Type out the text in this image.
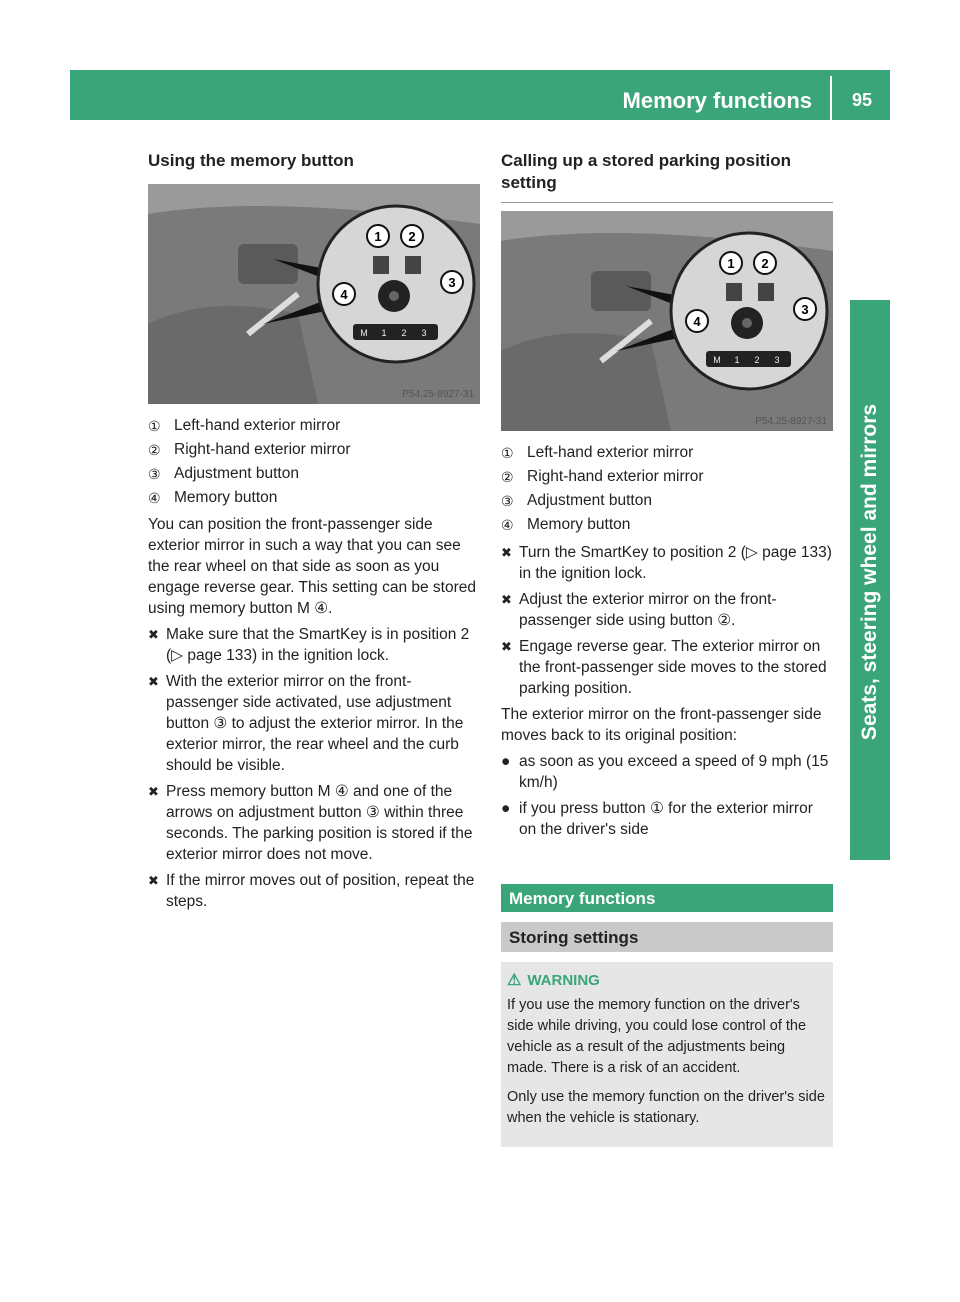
Memory functions 95
Seats, steering wheel and mirrors
Using the memory button
1 2
3
4
M 1 2 3
P54.25-8927-31
① Left-hand exterior mirror
② Right-hand exterior mirror
③ Adjustment button
④ Memory button

You can position the front-passenger side exterior mirror in such a way that you can see the rear wheel on that side as soon as you engage reverse gear. This setting can be stored using memory button M ④.

✖ Make sure that the SmartKey is in position 2 (▷ page 133) in the ignition lock.
✖ With the exterior mirror on the front-passenger side activated, use adjustment button ③ to adjust the exterior mirror. In the exterior mirror, the rear wheel and the curb should be visible.
✖ Press memory button M ④ and one of the arrows on adjustment button ③ within three seconds. The parking position is stored if the exterior mirror does not move.
✖ If the mirror moves out of position, repeat the steps.
Calling up a stored parking position setting
1 2
3
4
M 1 2 3
P54.25-8927-31
① Left-hand exterior mirror
② Right-hand exterior mirror
③ Adjustment button
④ Memory button
✖ Turn the SmartKey to position 2 (▷ page 133) in the ignition lock.
✖ Adjust the exterior mirror on the front-passenger side using button ②.
✖ Engage reverse gear. The exterior mirror on the front-passenger side moves to the stored parking position.

The exterior mirror on the front-passenger side moves back to its original position:

● as soon as you exceed a speed of 9 mph (15 km/h)
● if you press button ① for the exterior mirror on the driver's side
Memory functions
Storing settings
⚠ WARNING

If you use the memory function on the driver's side while driving, you could lose control of the vehicle as a result of the adjustments being made. There is a risk of an accident.

Only use the memory function on the driver's side when the vehicle is stationary.
